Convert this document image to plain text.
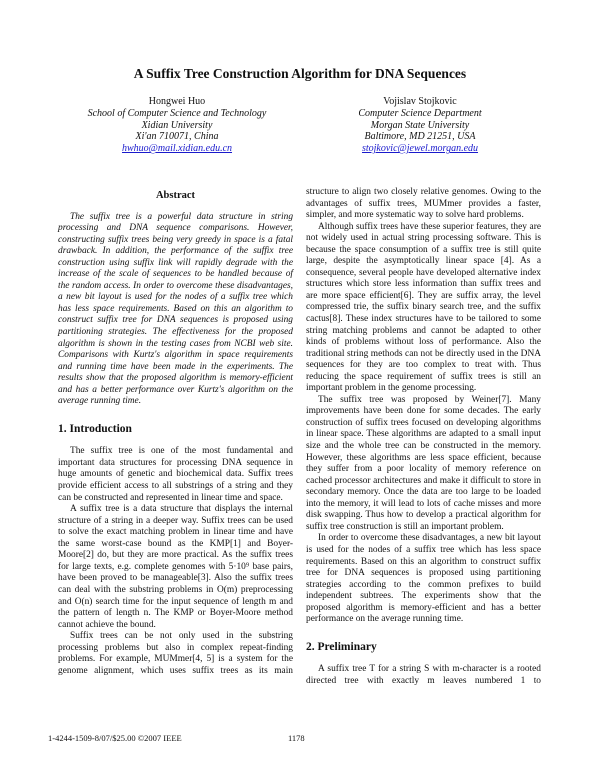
A Suffix Tree Construction Algorithm for DNA Sequences
Hongwei Huo
School of Computer Science and Technology
Xidian University
Xi'an 710071, China
hwhuo@mail.xidian.edu.cn
Vojislav Stojkovic
Computer Science Department
Morgan State University
Baltimore, MD 21251, USA
stojkovic@jewel.morgan.edu
Abstract

The suffix tree is a powerful data structure in string processing and DNA sequence comparisons. However, constructing suffix trees being very greedy in space is a fatal drawback. In addition, the performance of the suffix tree construction using suffix link will rapidly degrade with the increase of the scale of sequences to be handled because of the random access. In order to overcome these disadvantages, a new bit layout is used for the nodes of a suffix tree which has less space requirements. Based on this an algorithm to construct suffix tree for DNA sequences is proposed using partitioning strategies. The effectiveness for the proposed algorithm is shown in the testing cases from NCBI web site. Comparisons with Kurtz's algorithm in space requirements and running time have been made in the experiments. The results show that the proposed algorithm is memory-efficient and has a better performance over Kurtz's algorithm on the average running time.

1. Introduction

The suffix tree is one of the most fundamental and important data structures for processing DNA sequence in huge amounts of genetic and biochemical data. Suffix trees provide efficient access to all substrings of a string and they can be constructed and represented in linear time and space.

A suffix tree is a data structure that displays the internal structure of a string in a deeper way. Suffix trees can be used to solve the exact matching problem in linear time and have the same worst-case bound as the KMP[1] and Boyer-Moore[2] do, but they are more practical. As the suffix trees for large texts, e.g. complete genomes with 5·10⁹ base pairs, have been proved to be manageable[3]. Also the suffix trees can deal with the substring problems in O(m) preprocessing and O(n) search time for the input sequence of length m and the pattern of length n. The KMP or Boyer-Moore method cannot achieve the bound.

Suffix trees can be not only used in the substring processing problems but also in complex repeat-finding problems. For example, MUMmer[4, 5] is a system for the genome alignment, which uses suffix trees as its main

structure to align two closely relative genomes. Owing to the advantages of suffix trees, MUMmer provides a faster, simpler, and more systematic way to solve hard problems.

Although suffix trees have these superior features, they are not widely used in actual string processing software. This is because the space consumption of a suffix tree is still quite large, despite the asymptotically linear space [4]. As a consequence, several people have developed alternative index structures which store less information than suffix trees and are more space efficient[6]. They are suffix array, the level compressed trie, the suffix binary search tree, and the suffix cactus[8]. These index structures have to be tailored to some string matching problems and cannot be adapted to other kinds of problems without loss of performance. Also the traditional string methods can not be directly used in the DNA sequences for they are too complex to treat with. Thus reducing the space requirement of suffix trees is still an important problem in the genome processing.

The suffix tree was proposed by Weiner[7]. Many improvements have been done for some decades. The early construction of suffix trees focused on developing algorithms in linear space. These algorithms are adapted to a small input size and the whole tree can be constructed in the memory. However, these algorithms are less space efficient, because they suffer from a poor locality of memory reference on cached processor architectures and make it difficult to store in secondary memory. Once the data are too large to be loaded into the memory, it will lead to lots of cache misses and more disk swapping. Thus how to develop a practical algorithm for suffix tree construction is still an important problem.

In order to overcome these disadvantages, a new bit layout is used for the nodes of a suffix tree which has less space requirements. Based on this an algorithm to construct suffix tree for DNA sequences is proposed using partitioning strategies according to the common prefixes to build independent subtrees. The experiments show that the proposed algorithm is memory-efficient and has a better performance on the average running time.

2. Preliminary

A suffix tree T for a string S with m-character is a rooted directed tree with exactly m leaves numbered 1 to

1-4244-1509-8/07/$25.00 ©2007 IEEE	1178
